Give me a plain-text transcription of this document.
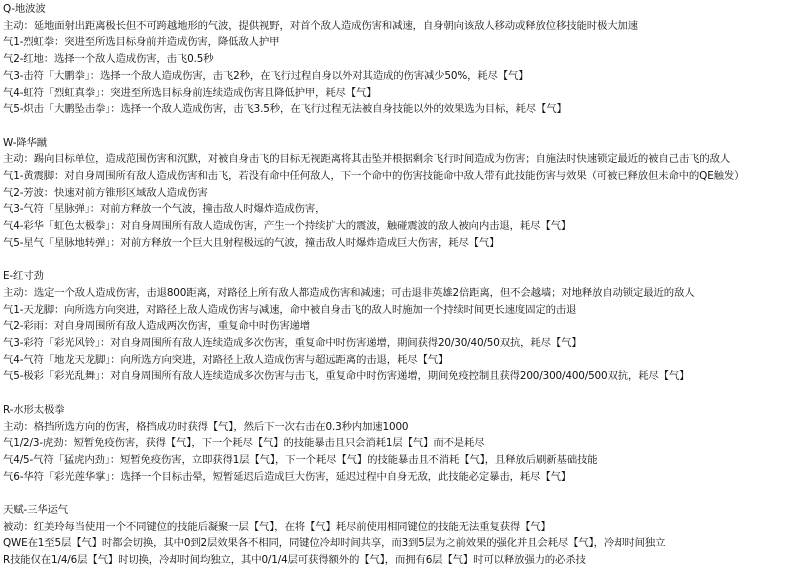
Q-地波波
主动：延地面射出距离极长但不可跨越地形的气波，提供视野，对首个敌人造成伤害和减速，自身朝向该敌人移动或释放位移技能时极大加速
气1-烈虹拳：突进至所选目标身前并造成伤害，降低敌人护甲
气2-红地：选择一个敌人造成伤害，击飞0.5秒
气3-击符「大鹏拳」：选择一个敌人造成伤害，击飞2秒，在飞行过程自身以外对其造成的伤害减少50%，耗尽【气】
气4-虹符「烈虹真拳」：突进至所选目标身前连续造成伤害且降低护甲，耗尽【气】
气5-炽击「大鹏坠击拳」：选择一个敌人造成伤害，击飞3.5秒，在飞行过程无法被自身技能以外的效果选为目标，耗尽【气】
W-降华蹴
主动：踢向目标单位，造成范围伤害和沉默，对被自身击飞的目标无视距离将其击坠并根据剩余飞行时间造成为伤害；自施法时快速锁定最近的被自己击飞的敌人
气1-黄震脚：对自身周围所有敌人造成伤害和击飞，若没有命中任何敌人，下一个命中的伤害技能命中敌人带有此技能伤害与效果（可被已释放但未命中的QE触发）
气2-芳波：快速对前方锥形区域敌人造成伤害
气3-气符「星脉弹」：对前方释放一个气波，撞击敌人时爆炸造成伤害，
气4-彩华「虹色太极拳」：对自身周围所有敌人造成伤害，产生一个持续扩大的震波，触碰震波的敌人被向内击退，耗尽【气】
气5-星气「星脉地转弹」：对前方释放一个巨大且射程极远的气波，撞击敌人时爆炸造成巨大伤害，耗尽【气】
E-红寸劲
主动：选定一个敌人造成伤害，击退800距离，对路径上所有敌人都造成伤害和减速；可击退非英雄2倍距离，但不会越墙；对地释放自动锁定最近的敌人
气1-天龙脚：向所选方向突进，对路径上敌人造成伤害与减速，命中被自身击飞的敌人时施加一个持续时间更长速度固定的击退
气2-彩雨：对自身周围所有敌人造成两次伤害，重复命中时伤害递增
气3-彩符「彩光风铃」：对自身周围所有敌人连续造成多次伤害，重复命中时伤害递增，期间获得20/30/40/50双抗，耗尽【气】
气4-气符「地龙天龙脚」：向所选方向突进，对路径上敌人造成伤害与超远距离的击退，耗尽【气】
气5-极彩「彩光乱舞」：对自身周围所有敌人连续造成多次伤害与击飞，重复命中时伤害递增，期间免疫控制且获得200/300/400/500双抗，耗尽【气】
R-水形太极拳
主动：格挡所选方向的伤害，格挡成功时获得【气】，然后下一次右击在0.3秒内加速1000
气1/2/3-虎劲：短暂免疫伤害，获得【气】，下一个耗尽【气】的技能暴击且只会消耗1层【气】而不是耗尽
气4/5-气符「猛虎内劲」：短暂免疫伤害，立即获得1层【气】，下一个耗尽【气】的技能暴击且不消耗【气】，且释放后刷新基础技能
气6-华符「彩光莲华掌」：选择一个目标击晕，短暂延迟后造成巨大伤害，延迟过程中自身无敌，此技能必定暴击，耗尽【气】
天赋-三华运气
被动：红美玲每当使用一个不同键位的技能后凝聚一层【气】，在将【气】耗尽前使用相同键位的技能无法重复获得【气】
QWE在1至5层【气】时都会切换，其中0到2层效果各不相同，同键位冷却时间共享，而3到5层为之前效果的强化并且会耗尽【气】，冷却时间独立
R技能仅在1/4/6层【气】时切换，冷却时间均独立，其中0/1/4层可获得额外的【气】，而拥有6层【气】时可以释放强力的必杀技
